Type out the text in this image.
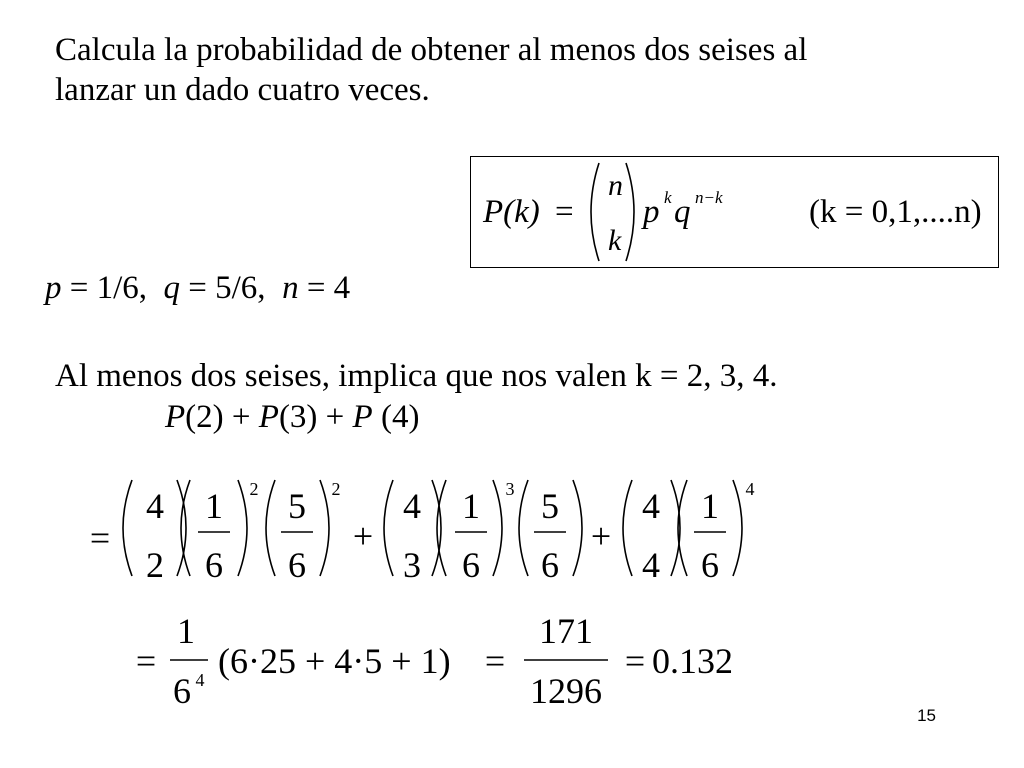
Calcula la probabilidad de obtener al menos dos seises al
lanzar un dado cuatro veces.
P(k) =
n
k
p k q n−k	(k = 0,1,....n)
p = 1/6, q = 5/6, n = 4
Al menos dos seises, implica que nos valen k = 2, 3, 4.
P(2) + P(3) + P (4)
=
4
2
1
6
2 5
6
2
+
4
3
1
6
3 5
6
+
4
4
1
6
4
=
1
6 4 (6·25 + 4·5 + 1) =
171
1296
= 0.132
15
